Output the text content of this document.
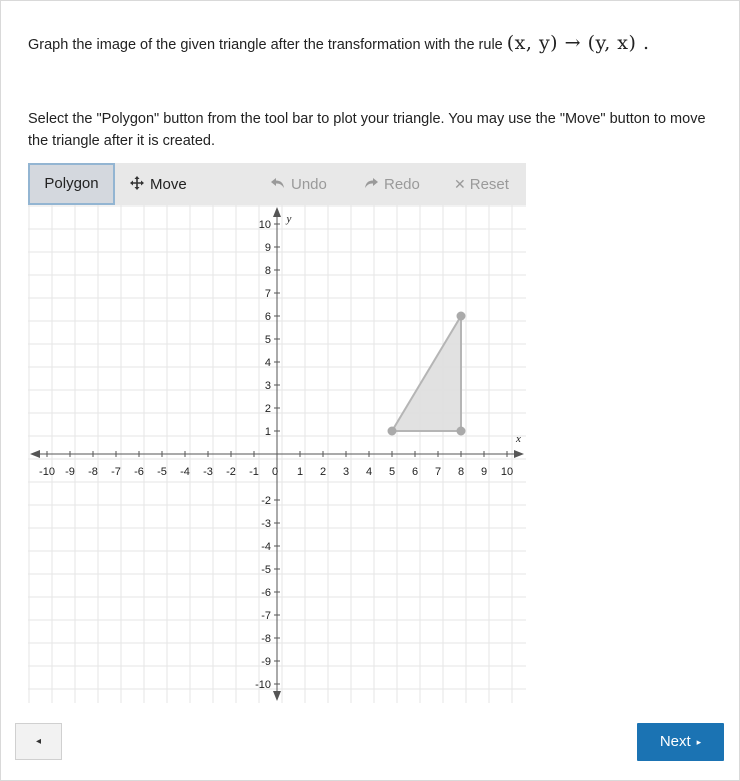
Graph the image of the given triangle after the transformation with the rule (x, y) → (y, x) .
Select the "Polygon" button from the tool bar to plot your triangle. You may use the "Move" button to move the triangle after it is created.
Polygon	Move	Undo	Redo ✕ Reset
-10 -9 -8 -7 -6 -5 -4 -3 -2 -1	1 2 3 4 5 6 7 8 9 10
10
9
8
7
6
5
4
3
2
1
-2
-3
-4
-5
-6
-7
-8
-9
-10
0
x
y
◂	Next ▸
